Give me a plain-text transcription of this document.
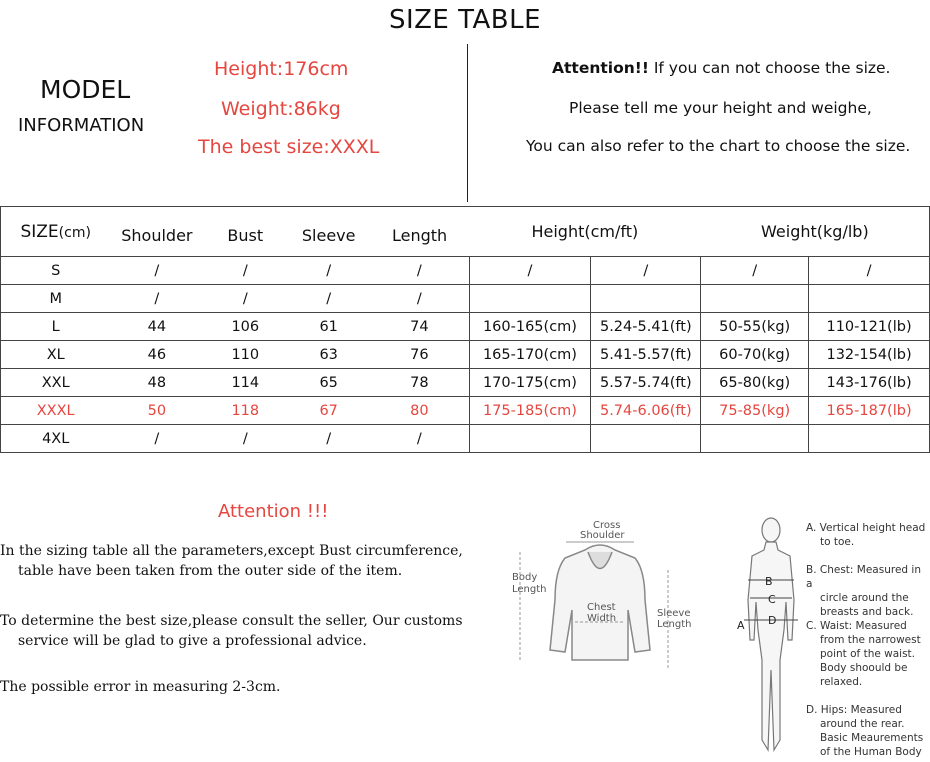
SIZE TABLE
MODEL
INFORMATION
Height:176cm
Weight:86kg
The best size:XXXL
Attention!! If you can not choose the size.
Please tell me your height and weighe,
You can also refer to the chart to choose the size.
SIZE(cm)	Shoulder	Bust	Sleeve	Length	Height(cm/ft)		Weight(kg/lb)	
S	/	/	/	/	/	/	/	/
M	/	/	/	/				
L	44	106	61	74	160-165(cm)	5.24-5.41(ft)	50-55(kg)	110-121(lb)
XL	46	110	63	76	165-170(cm)	5.41-5.57(ft)	60-70(kg)	132-154(lb)
XXL	48	114	65	78	170-175(cm)	5.57-5.74(ft)	65-80(kg)	143-176(lb)
XXXL	50	118	67	80	175-185(cm)	5.74-6.06(ft)	75-85(kg)	165-187(lb)
4XL	/	/	/	/				
Attention !!!
In the sizing table all the parameters,except Bust circumference,
table have been taken from the outer side of the item.
To determine the best size,please consult the seller, Our customs
service will be glad to give a professional advice.
The possible error in measuring 2-3cm.
Cross
Shoulder
Body
Length
Chest
Width	Sleeve
Length
B
C
D
A
A. Vertical height head
to toe.
B. Chest: Measured in a
circle around the
breasts and back.
C. Waist: Measured
from the narrowest
point of the waist.
Body shoould be
relaxed.
D. Hips: Measured
around the rear.
Basic Meaurements
of the Human Body
